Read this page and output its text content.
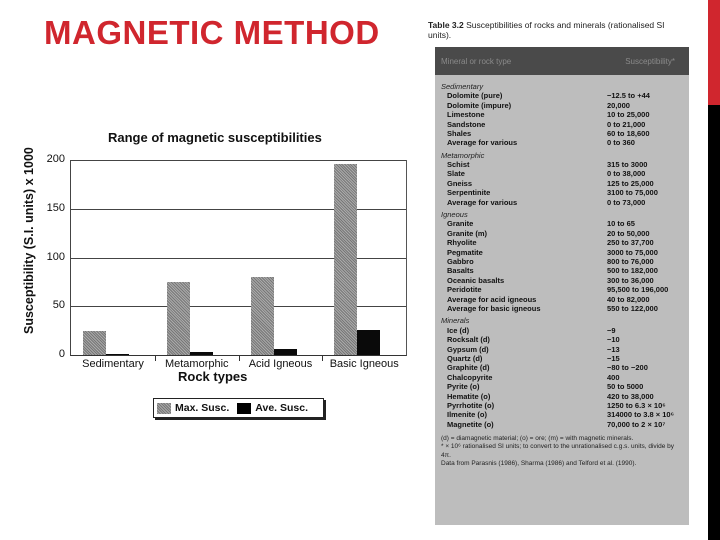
MAGNETIC METHOD
Range of magnetic susceptibilities
Susceptibility (S.I. units) x 1000
0
50
100
150
200
Sedimentary	Metamorphic	Acid Igneous	Basic Igneous
Rock types
Max. Susc. Ave. Susc.
Table 3.2 Susceptibilities of rocks and minerals (rationalised SI units).
Mineral or rock type	Susceptibility*
Sedimentary
Dolomite (pure)	−12.5 to +44
Dolomite (impure)	20,000
Limestone	10 to 25,000
Sandstone	0 to 21,000
Shales	60 to 18,600
Average for various	0 to 360
Metamorphic
Schist	315 to 3000
Slate	0 to 38,000
Gneiss	125 to 25,000
Serpentinite	3100 to 75,000
Average for various	0 to 73,000
Igneous
Granite	10 to 65
Granite (m)	20 to 50,000
Rhyolite	250 to 37,700
Pegmatite	3000 to 75,000
Gabbro	800 to 76,000
Basalts	500 to 182,000
Oceanic basalts	300 to 36,000
Peridotite	95,500 to 196,000
Average for acid igneous	40 to 82,000
Average for basic igneous	550 to 122,000
Minerals
Ice (d)	−9
Rocksalt (d)	−10
Gypsum (d)	−13
Quartz (d)	−15
Graphite (d)	−80 to −200
Chalcopyrite	400
Pyrite (o)	50 to 5000
Hematite (o)	420 to 38,000
Pyrrhotite (o)	1250 to 6.3 × 10⁶
Ilmenite (o)	314000 to 3.8 × 10⁶
Magnetite (o)	70,000 to 2 × 10⁷
(d) = diamagnetic material; (o) = ore; (m) = with magnetic minerals.
* × 10⁶ rationalised SI units; to convert to the unrationalised c.g.s. units, divide by 4π.
Data from Parasnis (1986), Sharma (1986) and Telford et al. (1990).
